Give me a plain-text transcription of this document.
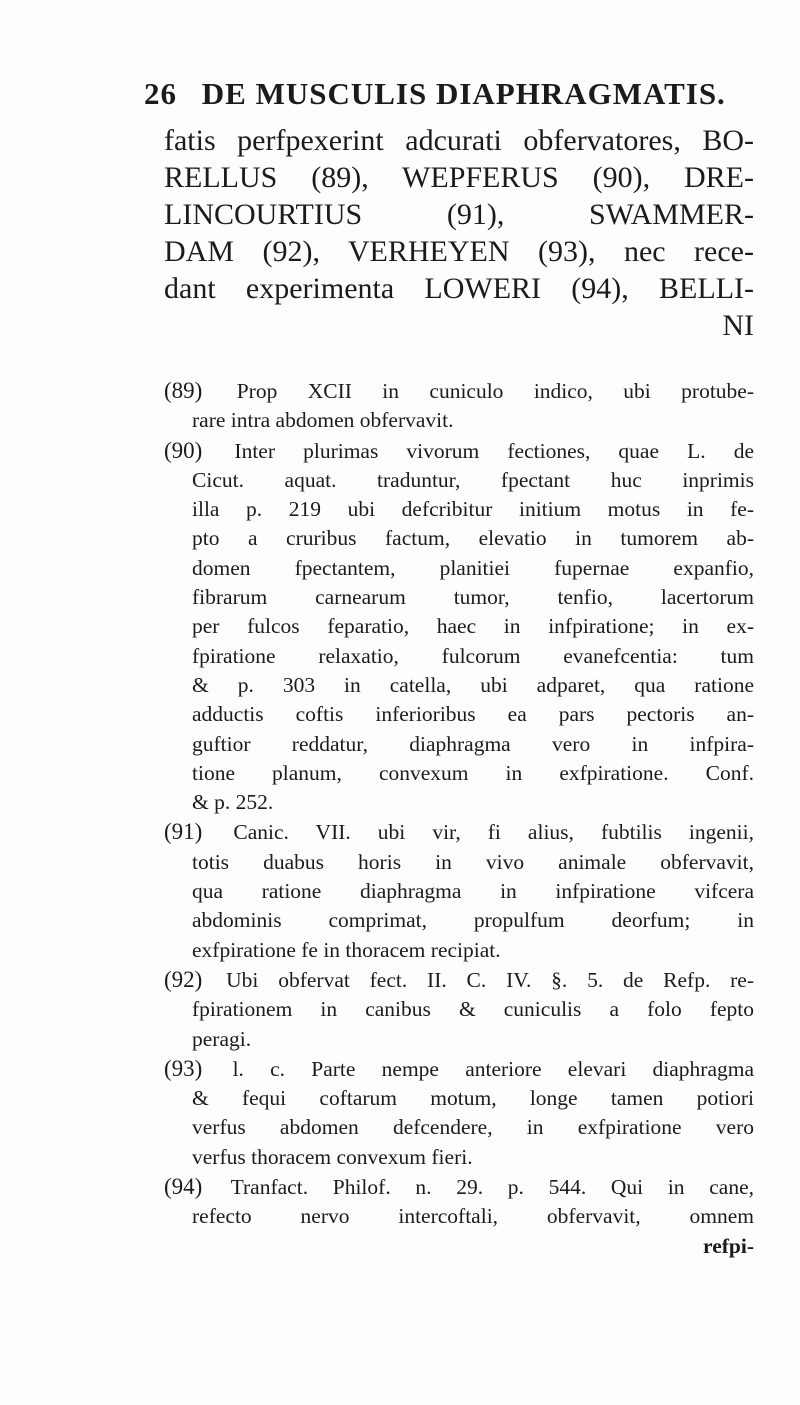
26 DE MUSCULIS DIAPHRAGMATIS.
fatis perfpexerint adcurati obfervatores, BO-
RELLUS (89), WEPFERUS (90), DRE-
LINCOURTIUS (91), SWAMMER-
DAM (92), VERHEYEN (93), nec rece-
dant experimenta LOWERI (94), BELLI-
NI
(89) Prop XCII in cuniculo indico, ubi protube-
rare intra abdomen obfervavit.
(90) Inter plurimas vivorum fectiones, quae L. de
Cicut. aquat. traduntur, fpectant huc inprimis
illa p. 219 ubi defcribitur initium motus in fe-
pto a cruribus factum, elevatio in tumorem ab-
domen fpectantem, planitiei fupernae expanfio,
fibrarum carnearum tumor, tenfio, lacertorum
per fulcos feparatio, haec in infpiratione; in ex-
fpiratione relaxatio, fulcorum evanefcentia: tum
& p. 303 in catella, ubi adparet, qua ratione
adductis coftis inferioribus ea pars pectoris an-
guftior reddatur, diaphragma vero in infpira-
tione planum, convexum in exfpiratione. Conf.
& p. 252.
(91) Canic. VII. ubi vir, fi alius, fubtilis ingenii,
totis duabus horis in vivo animale obfervavit,
qua ratione diaphragma in infpiratione vifcera
abdominis comprimat, propulfum deorfum; in
exfpiratione fe in thoracem recipiat.
(92) Ubi obfervat fect. II. C. IV. §. 5. de Refp. re-
fpirationem in canibus & cuniculis a folo fepto
peragi.
(93) l. c. Parte nempe anteriore elevari diaphragma
& fequi coftarum motum, longe tamen potiori
verfus abdomen defcendere, in exfpiratione vero
verfus thoracem convexum fieri.
(94) Tranfact. Philof. n. 29. p. 544. Qui in cane,
refecto nervo intercoftali, obfervavit, omnem
refpi-
